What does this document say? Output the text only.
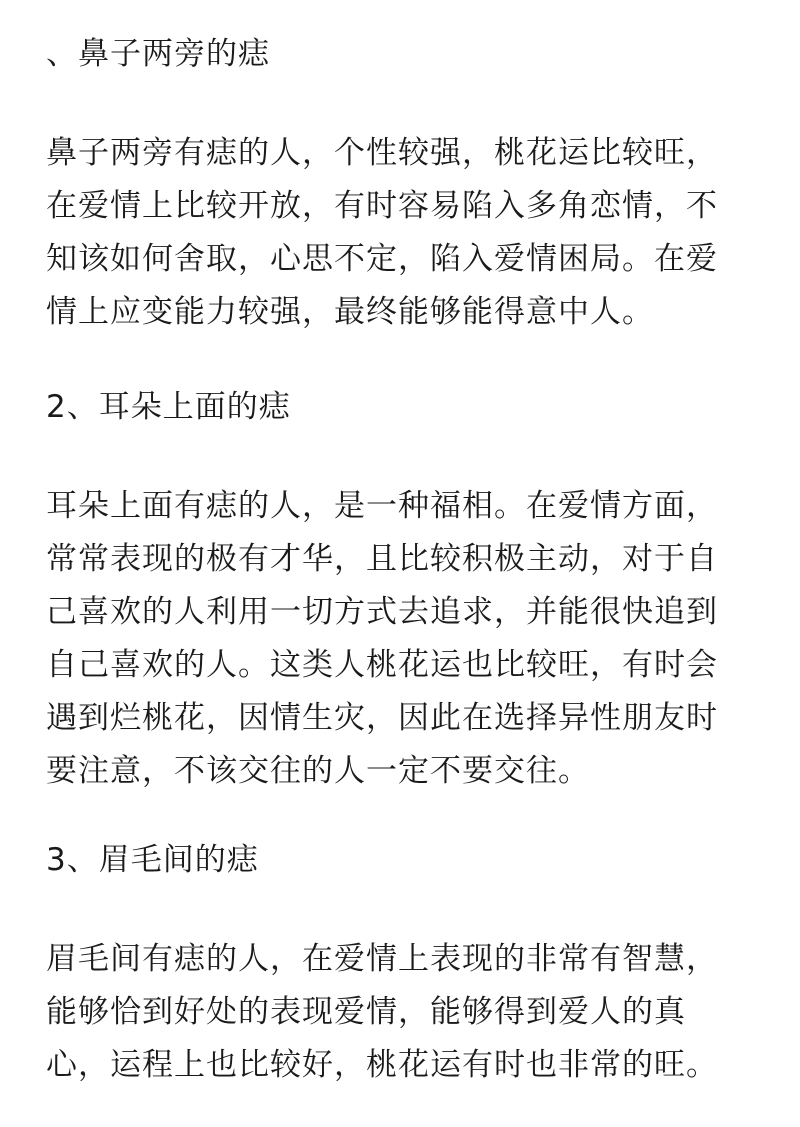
、鼻子两旁的痣

鼻子两旁有痣的人，个性较强，桃花运比较旺，
在爱情上比较开放，有时容易陷入多角恋情，不
知该如何舍取，心思不定，陷入爱情困局。在爱
情上应变能力较强，最终能够能得意中人。

2、耳朵上面的痣

耳朵上面有痣的人，是一种福相。在爱情方面，
常常表现的极有才华，且比较积极主动，对于自
己喜欢的人利用一切方式去追求，并能很快追到
自己喜欢的人。这类人桃花运也比较旺，有时会
遇到烂桃花，因情生灾，因此在选择异性朋友时
要注意，不该交往的人一定不要交往。

3、眉毛间的痣

眉毛间有痣的人，在爱情上表现的非常有智慧，
能够恰到好处的表现爱情，能够得到爱人的真
心，运程上也比较好，桃花运有时也非常的旺。
